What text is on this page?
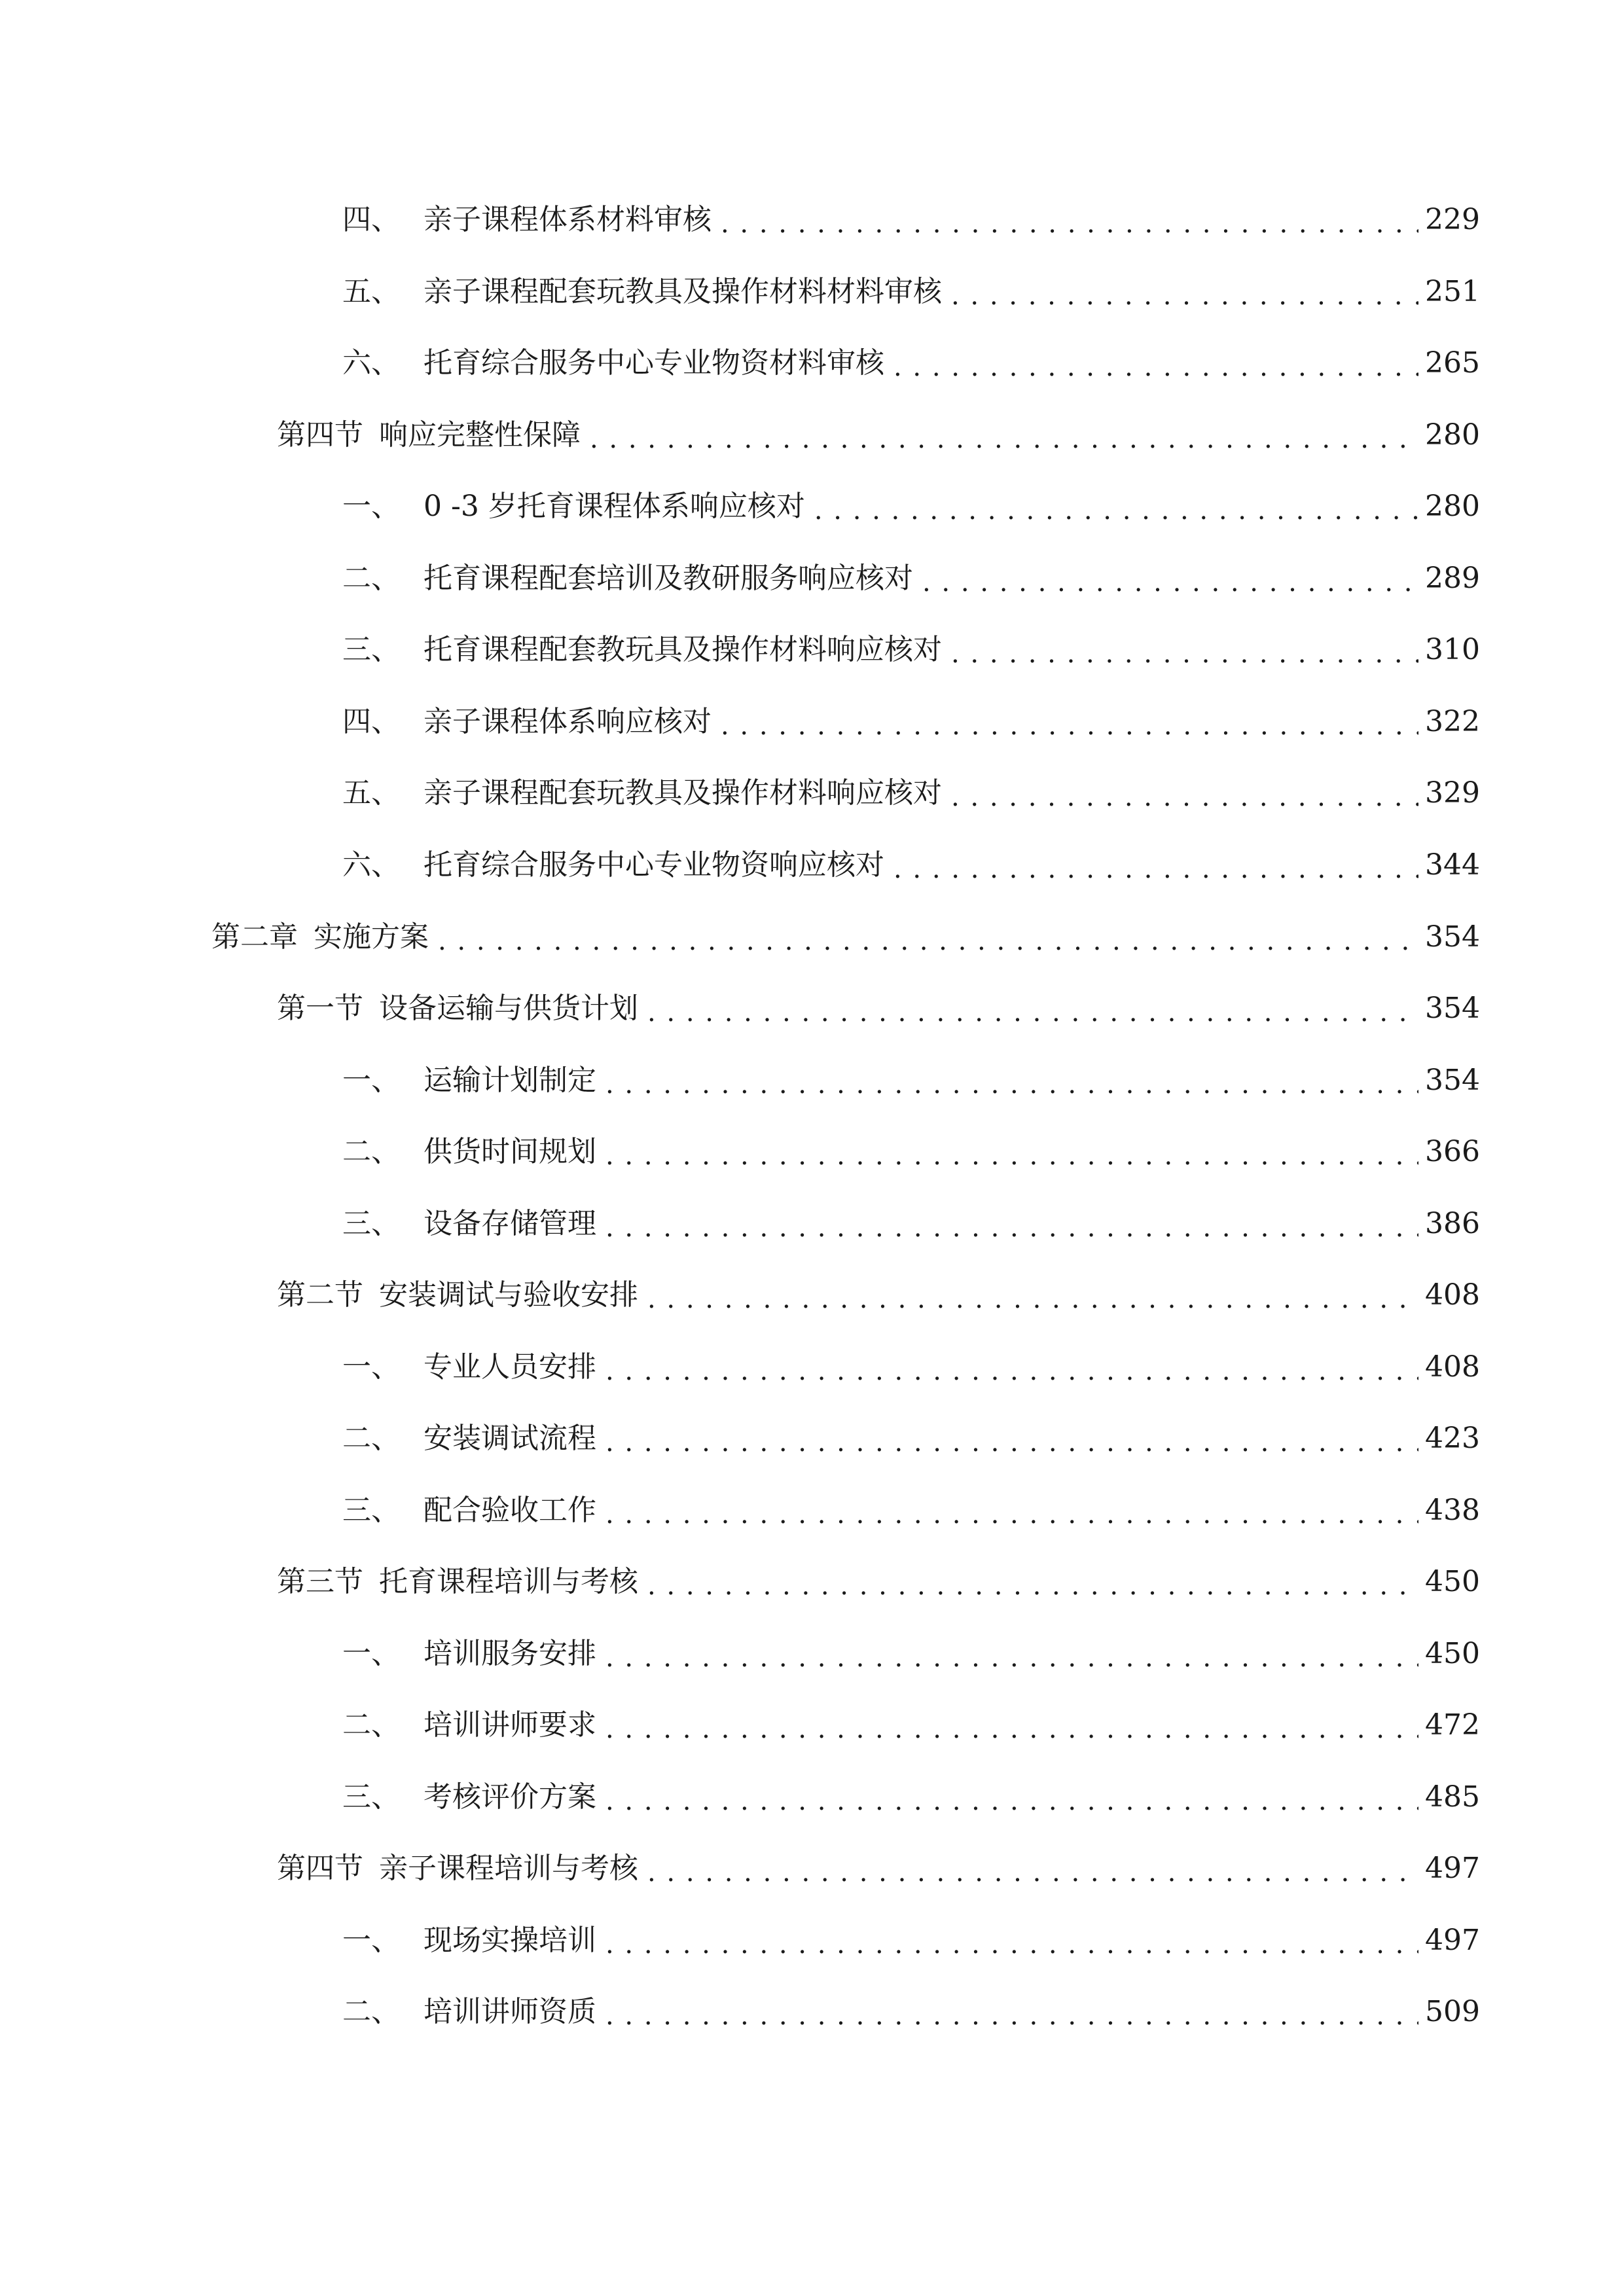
四、 亲子课程体系材料审核 . . .	229
五、 亲子课程配套玩教具及操作材料材料审核 . . .	251
六、 托育综合服务中心专业物资材料审核 . . .	265
第四节 响应完整性保障 . . .	280
一、 0 -3 岁托育课程体系响应核对 . . .	280
二、 托育课程配套培训及教研服务响应核对 . . .	289
三、 托育课程配套教玩具及操作材料响应核对 . . .	310
四、 亲子课程体系响应核对 . . .	322
五、 亲子课程配套玩教具及操作材料响应核对 . . .	329
六、 托育综合服务中心专业物资响应核对 . . .	344
第二章 实施方案 . . .	354
第一节 设备运输与供货计划 . . .	354
一、 运输计划制定 . . .	354
二、 供货时间规划 . . .	366
三、 设备存储管理 . . .	386
第二节 安装调试与验收安排 . . .	408
一、 专业人员安排 . . .	408
二、 安装调试流程 . . .	423
三、 配合验收工作 . . .	438
第三节 托育课程培训与考核 . . .	450
一、 培训服务安排 . . .	450
二、 培训讲师要求 . . .	472
三、 考核评价方案 . . .	485
第四节 亲子课程培训与考核 . . .	497
一、 现场实操培训 . . .	497
二、 培训讲师资质 . . .	509
